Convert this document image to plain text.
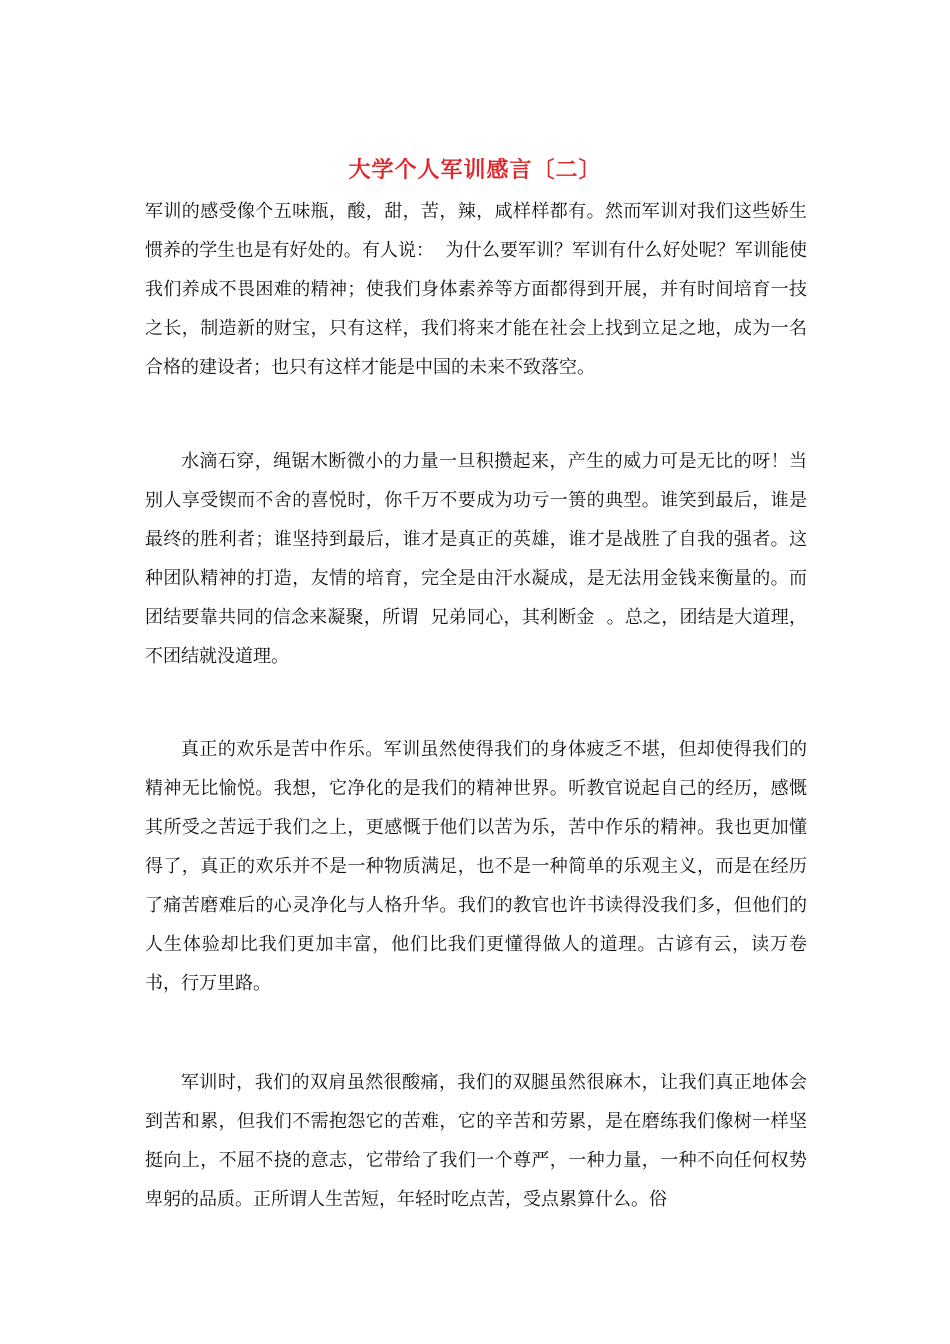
大学个人军训感言〔二〕

军训的感受像个五味瓶，酸，甜，苦，辣，咸样样都有。然而军训对我们这些娇生惯养的学生也是有好处的。有人说：  为什么要军训？军训有什么好处呢？军训能使我们养成不畏困难的精神；使我们身体素养等方面都得到开展，并有时间培育一技之长，制造新的财宝，只有这样，我们将来才能在社会上找到立足之地，成为一名合格的建设者；也只有这样才能是中国的未来不致落空。

水滴石穿，绳锯木断微小的力量一旦积攒起来，产生的威力可是无比的呀！当别人享受锲而不舍的喜悦时，你千万不要成为功亏一篑的典型。谁笑到最后，谁是最终的胜利者；谁坚持到最后，谁才是真正的英雄，谁才是战胜了自我的强者。这种团队精神的打造，友情的培育，完全是由汗水凝成，是无法用金钱来衡量的。而团结要靠共同的信念来凝聚，所谓  兄弟同心，其利断金  。总之，团结是大道理，不团结就没道理。

真正的欢乐是苦中作乐。军训虽然使得我们的身体疲乏不堪，但却使得我们的精神无比愉悦。我想，它净化的是我们的精神世界。听教官说起自己的经历，感慨其所受之苦远于我们之上，更感慨于他们以苦为乐，苦中作乐的精神。我也更加懂得了，真正的欢乐并不是一种物质满足，也不是一种简单的乐观主义，而是在经历了痛苦磨难后的心灵净化与人格升华。我们的教官也许书读得没我们多，但他们的人生体验却比我们更加丰富，他们比我们更懂得做人的道理。古谚有云，读万卷书，行万里路。

军训时，我们的双肩虽然很酸痛，我们的双腿虽然很麻木，让我们真正地体会到苦和累，但我们不需抱怨它的苦难，它的辛苦和劳累，是在磨练我们像树一样坚挺向上，不屈不挠的意志，它带给了我们一个尊严，一种力量，一种不向任何权势卑躬的品质。正所谓人生苦短，年轻时吃点苦，受点累算什么。俗
